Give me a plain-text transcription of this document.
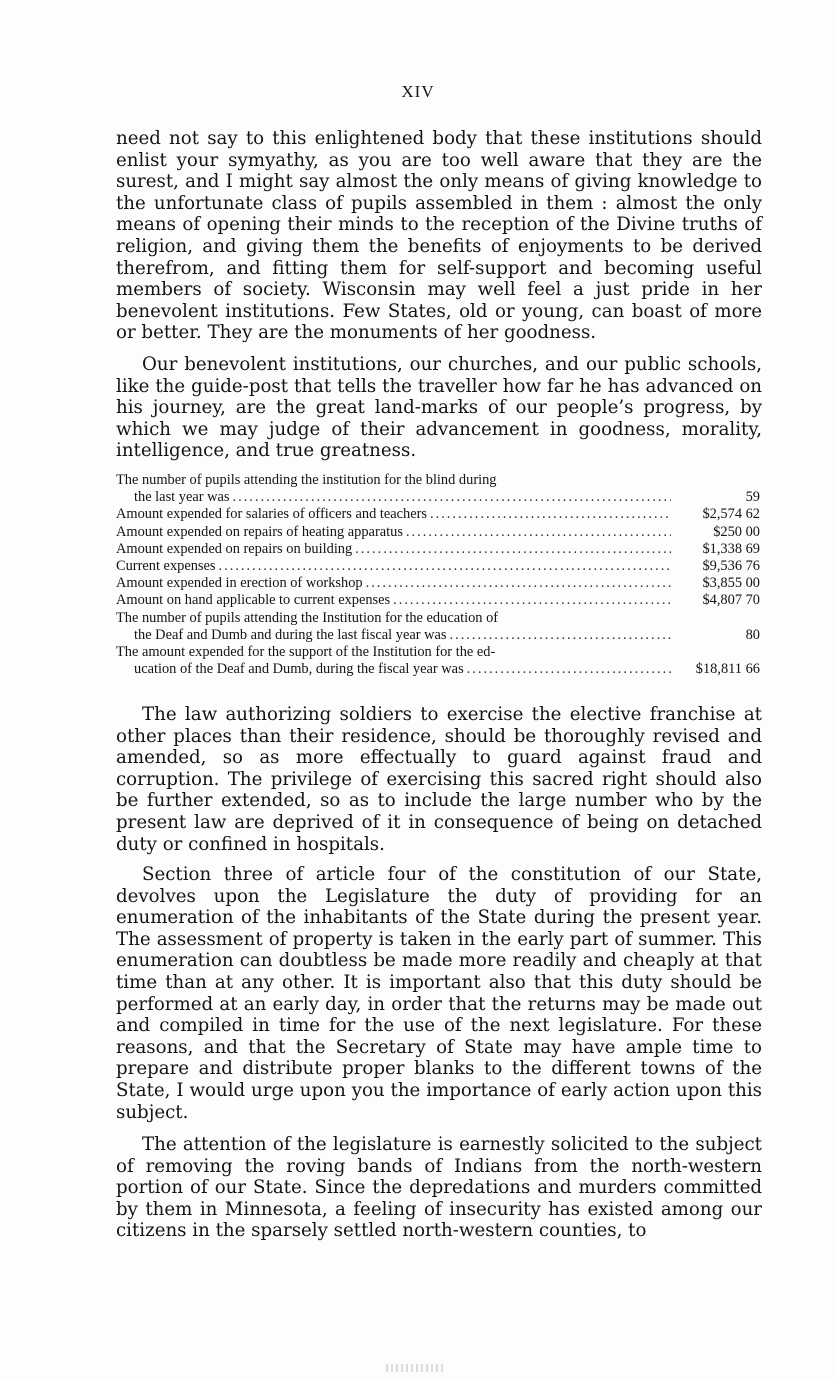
XIV

need not say to this enlightened body that these institutions should enlist your symyathy, as you are too well aware that they are the surest, and I might say almost the only means of giving knowledge to the unfortunate class of pupils assembled in them : almost the only means of opening their minds to the reception of the Divine truths of religion, and giving them the benefits of enjoyments to be derived therefrom, and fitting them for self-support and becoming useful members of society. Wisconsin may well feel a just pride in her benevolent institutions. Few States, old or young, can boast of more or better. They are the monuments of her goodness.

Our benevolent institutions, our churches, and our public schools, like the guide-post that tells the traveller how far he has advanced on his journey, are the great land-marks of our people’s progress, by which we may judge of their advancement in goodness, morality, intelligence, and true greatness.

The number of pupils attending the institution for the blind during
the last year was .....	59
Amount expended for salaries of officers and teachers .....	$2,574 62
Amount expended on repairs of heating apparatus .....	$250 00
Amount expended on repairs on building .....	$1,338 69
Current expenses .....	$9,536 76
Amount expended in erection of workshop .....	$3,855 00
Amount on hand applicable to current expenses .....	$4,807 70
The number of pupils attending the Institution for the education of
the Deaf and Dumb and during the last fiscal year was .....	80
The amount expended for the support of the Institution for the ed-
ucation of the Deaf and Dumb, during the fiscal year was .....	$18,811 66

The law authorizing soldiers to exercise the elective franchise at other places than their residence, should be thoroughly revised and amended, so as more effectually to guard against fraud and corruption. The privilege of exercising this sacred right should also be further extended, so as to include the large number who by the present law are deprived of it in consequence of being on detached duty or confined in hospitals.

Section three of article four of the constitution of our State, devolves upon the Legislature the duty of providing for an enumeration of the inhabitants of the State during the present year. The assessment of property is taken in the early part of summer. This enumeration can doubtless be made more readily and cheaply at that time than at any other. It is important also that this duty should be performed at an early day, in order that the returns may be made out and compiled in time for the use of the next legislature. For these reasons, and that the Secretary of State may have ample time to prepare and distribute proper blanks to the different towns of the State, I would urge upon you the importance of early action upon this subject.

The attention of the legislature is earnestly solicited to the subject of removing the roving bands of Indians from the north-western portion of our State. Since the depredations and murders committed by them in Minnesota, a feeling of insecurity has existed among our citizens in the sparsely settled north-western counties, to
